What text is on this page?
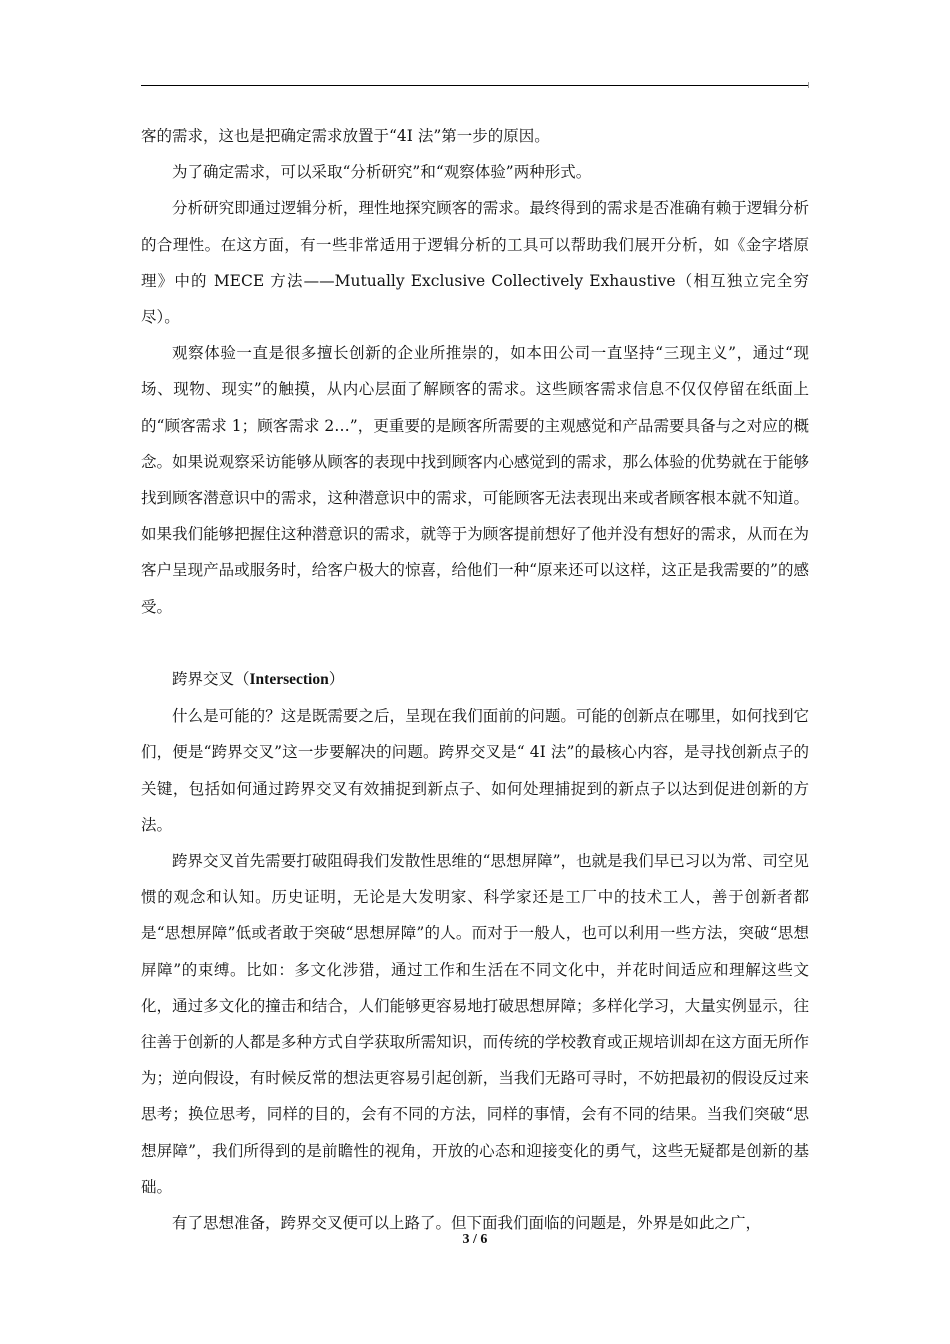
客的需求，这也是把确定需求放置于“4I 法”第一步的原因。

为了确定需求，可以采取“分析研究”和“观察体验”两种形式。

分析研究即通过逻辑分析，理性地探究顾客的需求。最终得到的需求是否准确有赖于逻辑分析的合理性。在这方面，有一些非常适用于逻辑分析的工具可以帮助我们展开分析，如《金字塔原理》中的 MECE 方法——Mutually Exclusive Collectively Exhaustive（相互独立完全穷尽）。

观察体验一直是很多擅长创新的企业所推崇的，如本田公司一直坚持“三现主义”，通过“现场、现物、现实”的触摸，从内心层面了解顾客的需求。这些顾客需求信息不仅仅停留在纸面上的“顾客需求 1；顾客需求 2…”，更重要的是顾客所需要的主观感觉和产品需要具备与之对应的概念。如果说观察采访能够从顾客的表现中找到顾客内心感觉到的需求，那么体验的优势就在于能够找到顾客潜意识中的需求，这种潜意识中的需求，可能顾客无法表现出来或者顾客根本就不知道。如果我们能够把握住这种潜意识的需求，就等于为顾客提前想好了他并没有想好的需求，从而在为客户呈现产品或服务时，给客户极大的惊喜，给他们一种“原来还可以这样，这正是我需要的”的感受。

跨界交叉（Intersection）

什么是可能的？这是既需要之后，呈现在我们面前的问题。可能的创新点在哪里，如何找到它们，便是“跨界交叉”这一步要解决的问题。跨界交叉是“ 4I 法”的最核心内容，是寻找创新点子的关键，包括如何通过跨界交叉有效捕捉到新点子、如何处理捕捉到的新点子以达到促进创新的方法。

跨界交叉首先需要打破阻碍我们发散性思维的“思想屏障”，也就是我们早已习以为常、司空见惯的观念和认知。历史证明，无论是大发明家、科学家还是工厂中的技术工人，善于创新者都是“思想屏障”低或者敢于突破“思想屏障”的人。而对于一般人，也可以利用一些方法，突破“思想屏障”的束缚。比如：多文化涉猎，通过工作和生活在不同文化中，并花时间适应和理解这些文化，通过多文化的撞击和结合，人们能够更容易地打破思想屏障；多样化学习，大量实例显示，往往善于创新的人都是多种方式自学获取所需知识，而传统的学校教育或正规培训却在这方面无所作为；逆向假设，有时候反常的想法更容易引起创新，当我们无路可寻时，不妨把最初的假设反过来思考；换位思考，同样的目的，会有不同的方法，同样的事情，会有不同的结果。当我们突破“思想屏障”，我们所得到的是前瞻性的视角，开放的心态和迎接变化的勇气，这些无疑都是创新的基础。

有了思想准备，跨界交叉便可以上路了。但下面我们面临的问题是，外界是如此之广，

3 / 6
